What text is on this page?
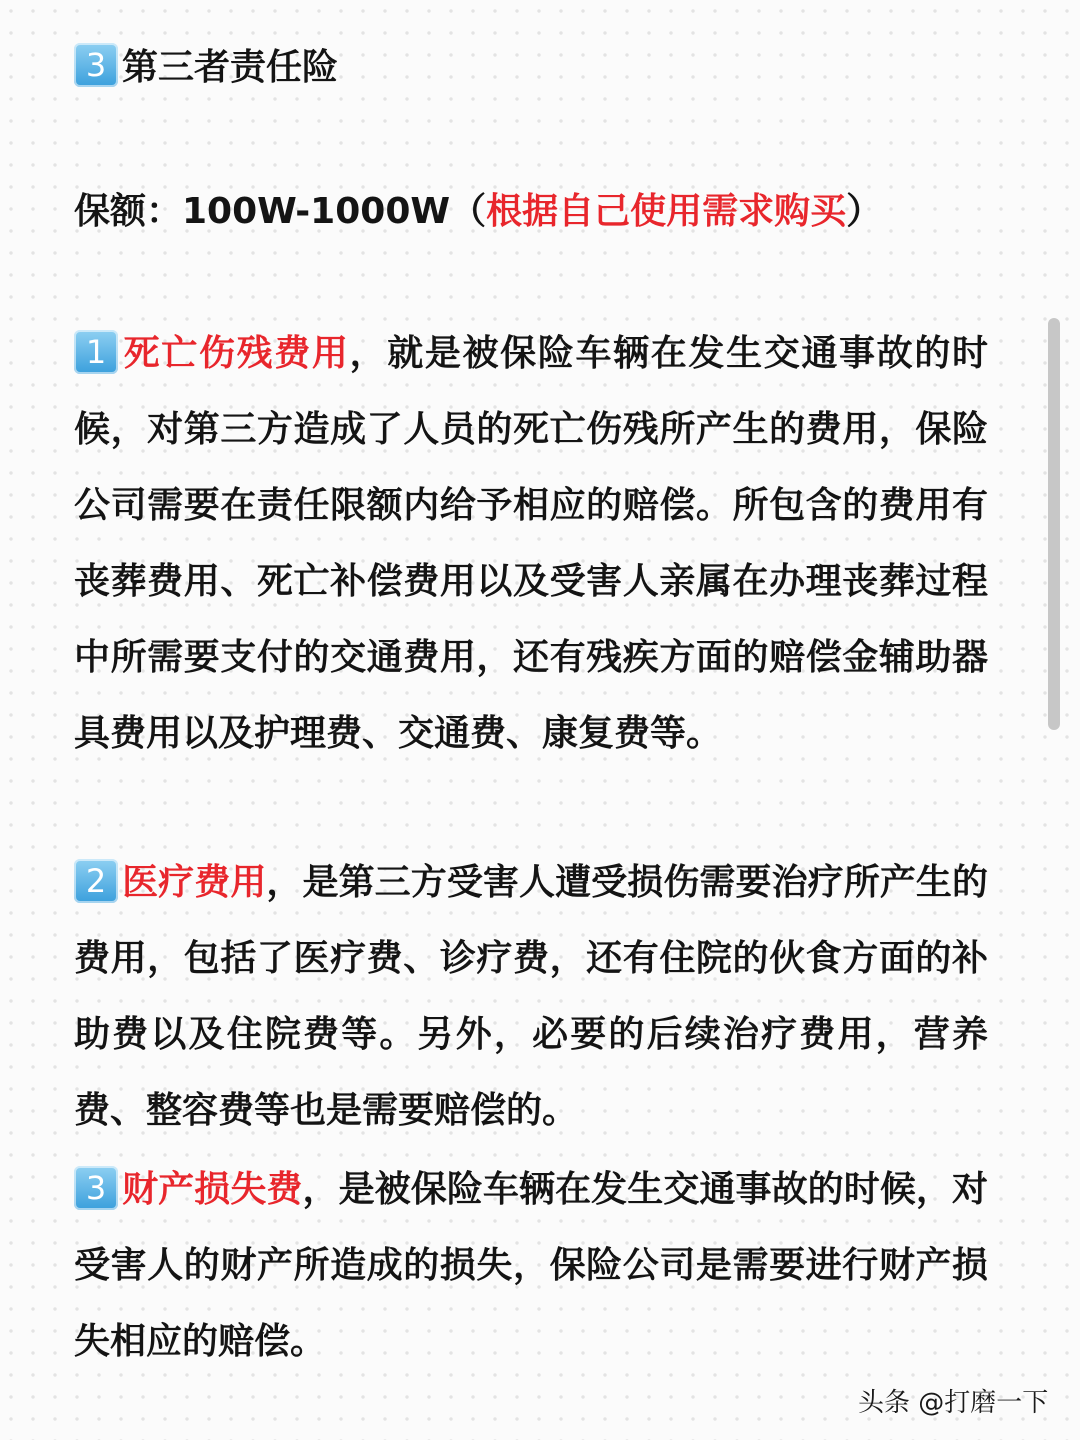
3 第三者责任险
保额：100W-1000W（根据自己使用需求购买）

1 死亡伤残费用，就是被保险车辆在发生交通事故的时候，对第三方造成了人员的死亡伤残所产生的费用，保险公司需要在责任限额内给予相应的赔偿。所包含的费用有丧葬费用、死亡补偿费用以及受害人亲属在办理丧葬过程中所需要支付的交通费用，还有残疾方面的赔偿金辅助器具费用以及护理费、交通费、康复费等。

2 医疗费用，是第三方受害人遭受损伤需要治疗所产生的费用，包括了医疗费、诊疗费，还有住院的伙食方面的补助费以及住院费等。另外，必要的后续治疗费用，营养费、整容费等也是需要赔偿的。

3 财产损失费，是被保险车辆在发生交通事故的时候，对受害人的财产所造成的损失，保险公司是需要进行财产损失相应的赔偿。

头条 @打磨一下
